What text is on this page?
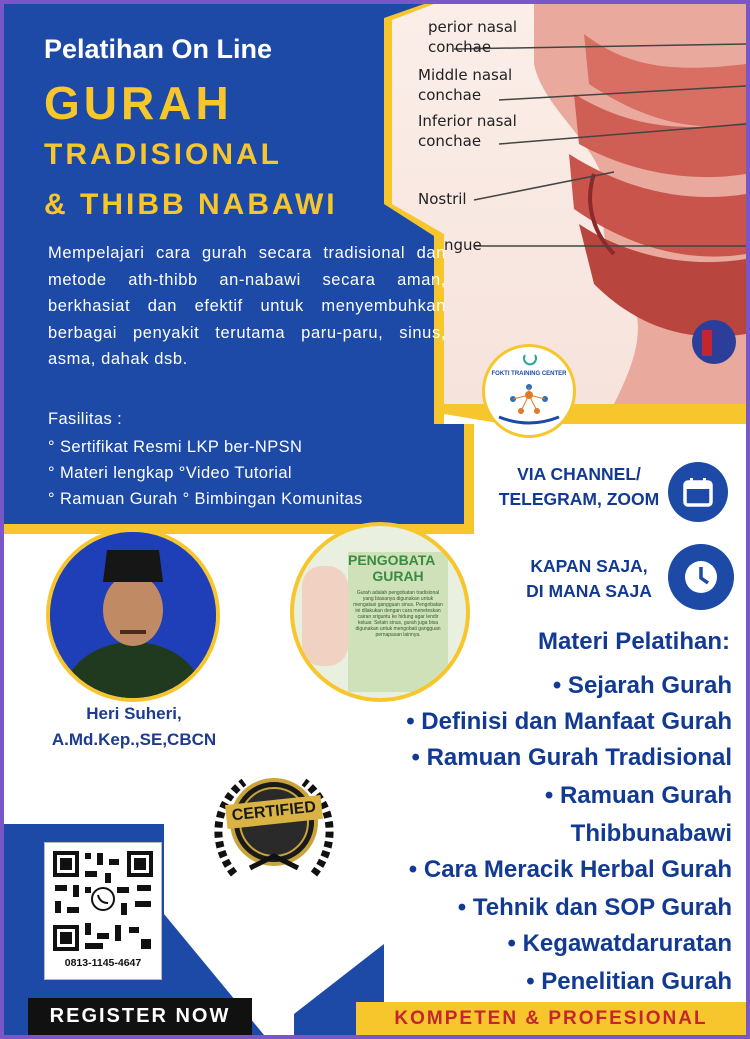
perior nasal
conchae
Middle nasal
conchae
Inferior nasal
conchae
Nostril
ngue
Pelatihan On Line
GURAH
TRADISIONAL
& THIBB NABAWI
Mempelajari cara gurah secara tradisional dan metode ath-thibb an-nabawi secara aman, berkhasiat dan efektif untuk menyembuhkan berbagai penyakit terutama paru-paru, sinus, asma, dahak dsb.
Fasilitas :
° Sertifikat Resmi LKP ber-NPSN
° Materi lengkap °Video Tutorial
° Ramuan Gurah ° Bimbingan Komunitas
FOKTI TRAINING CENTER
Heri Suheri,
A.Md.Kep.,SE,CBCN
PENGOBATA
GURAH
Gurah adalah pengobatan tradisional yang biasanya digunakan untuk mengatasi gangguan sinus. Pengobatan ini dilakukan dengan cara meneteskan cairan sriguntu ke hidung agar lendir keluar. Selain sinus, gurah juga bisa digunakan untuk mengobati gangguan pernapasan lainnya.
CERTIFIED
VIA CHANNEL/
TELEGRAM, ZOOM
KAPAN SAJA,
DI MANA SAJA
Materi Pelatihan:
• Sejarah Gurah
• Definisi dan Manfaat Gurah
• Ramuan Gurah Tradisional
• Ramuan Gurah
Thibbunabawi
• Cara Meracik Herbal Gurah
• Tehnik dan SOP Gurah
• Kegawatdaruratan
• Penelitian Gurah
0813-1145-4647
REGISTER NOW	KOMPETEN & PROFESIONAL
